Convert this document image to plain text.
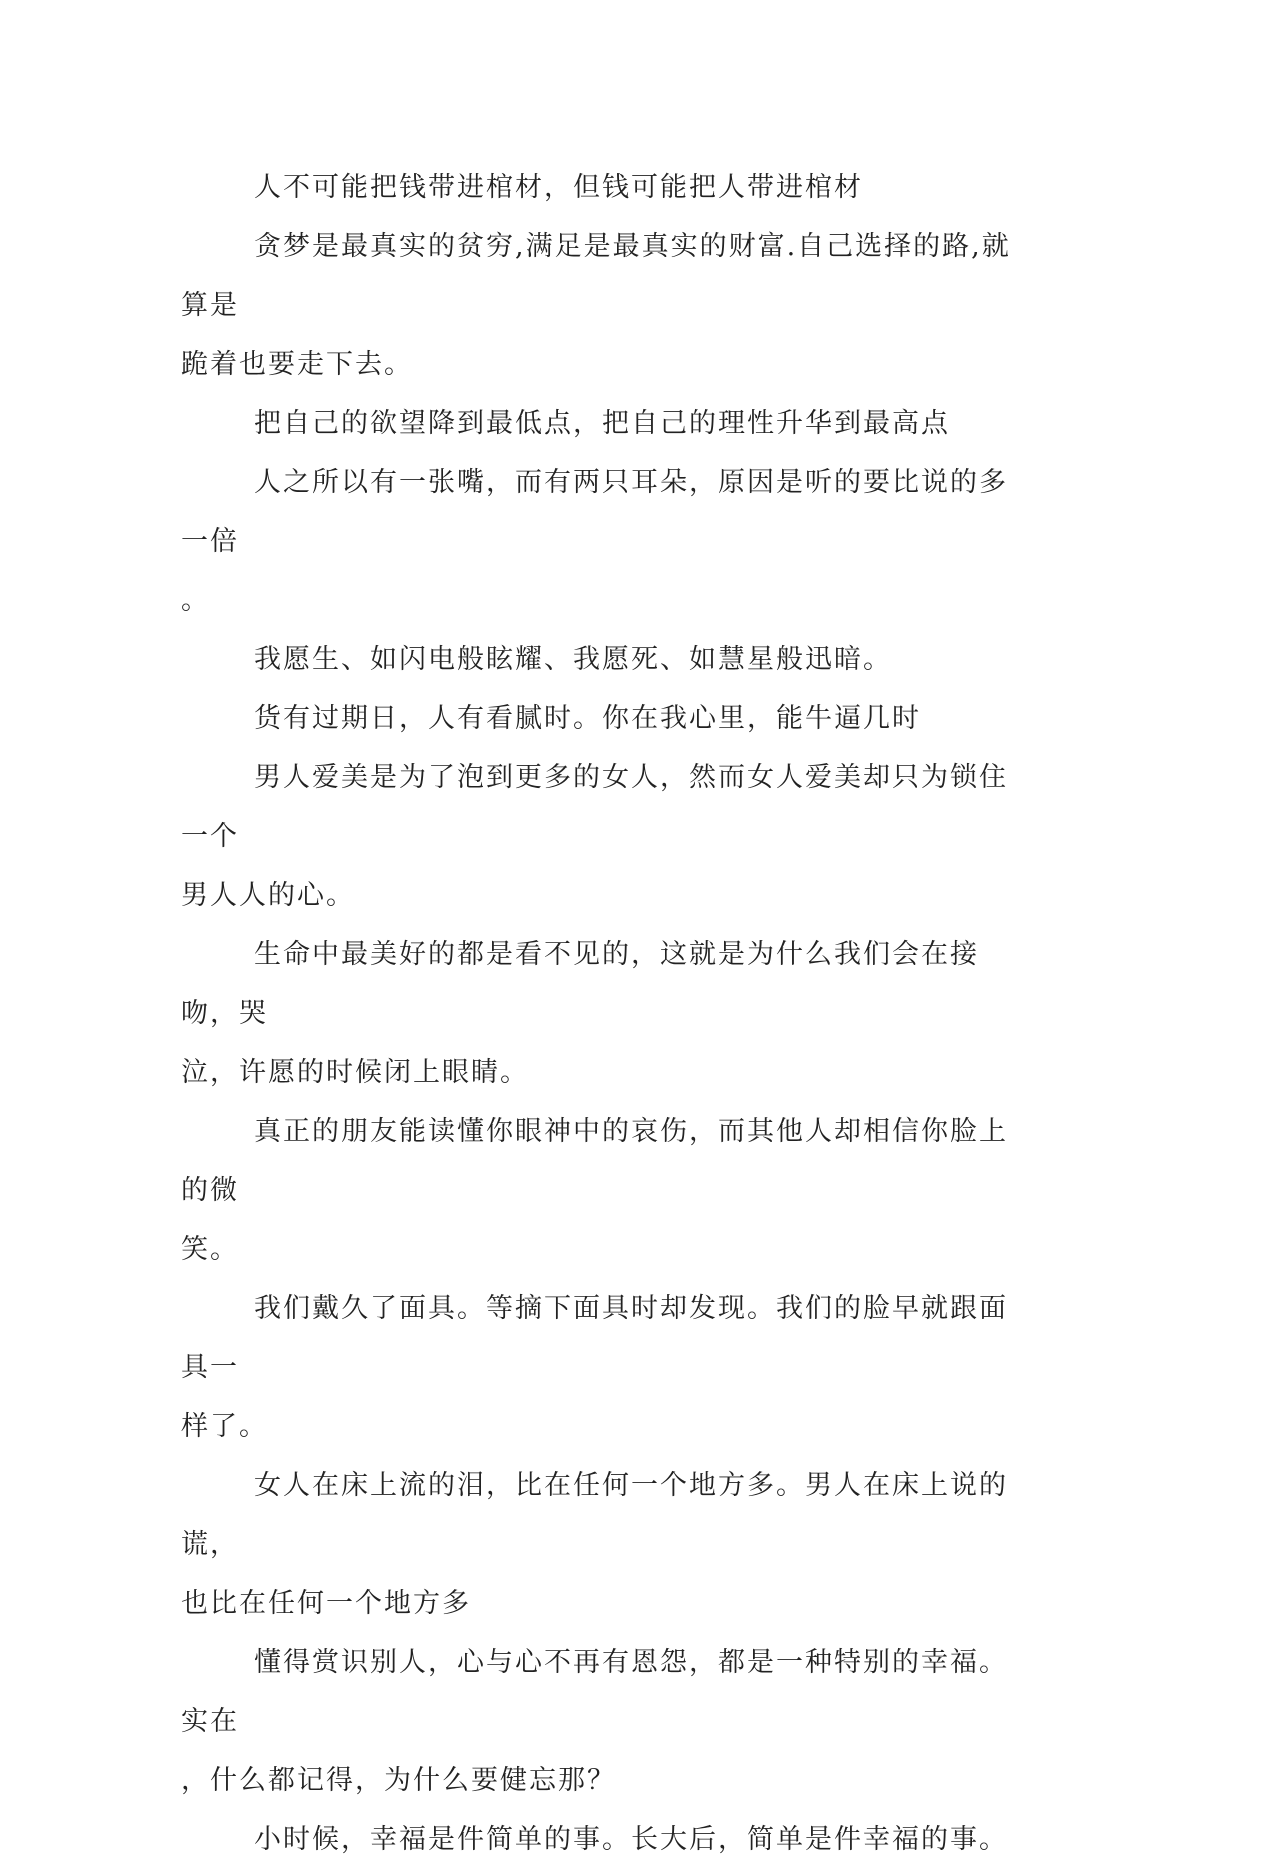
人不可能把钱带进棺材，但钱可能把人带进棺材

贪梦是最真实的贫穷,满足是最真实的财富.自己选择的路,就算是
跪着也要走下去。

把自己的欲望降到最低点，把自己的理性升华到最高点

人之所以有一张嘴，而有两只耳朵，原因是听的要比说的多一倍
。

我愿生、如闪电般眩耀、我愿死、如慧星般迅暗。

货有过期日，人有看腻时。你在我心里，能牛逼几时

男人爱美是为了泡到更多的女人，然而女人爱美却只为锁住一个
男人人的心。

生命中最美好的都是看不见的，这就是为什么我们会在接吻，哭
泣，许愿的时候闭上眼睛。

真正的朋友能读懂你眼神中的哀伤，而其他人却相信你脸上的微
笑。

我们戴久了面具。等摘下面具时却发现。我们的脸早就跟面具一
样了。

女人在床上流的泪，比在任何一个地方多。男人在床上说的谎，
也比在任何一个地方多

懂得赏识别人，心与心不再有恩怨，都是一种特别的幸福。实在
，什么都记得，为什么要健忘那？

小时候，幸福是件简单的事。长大后，简单是件幸福的事。
